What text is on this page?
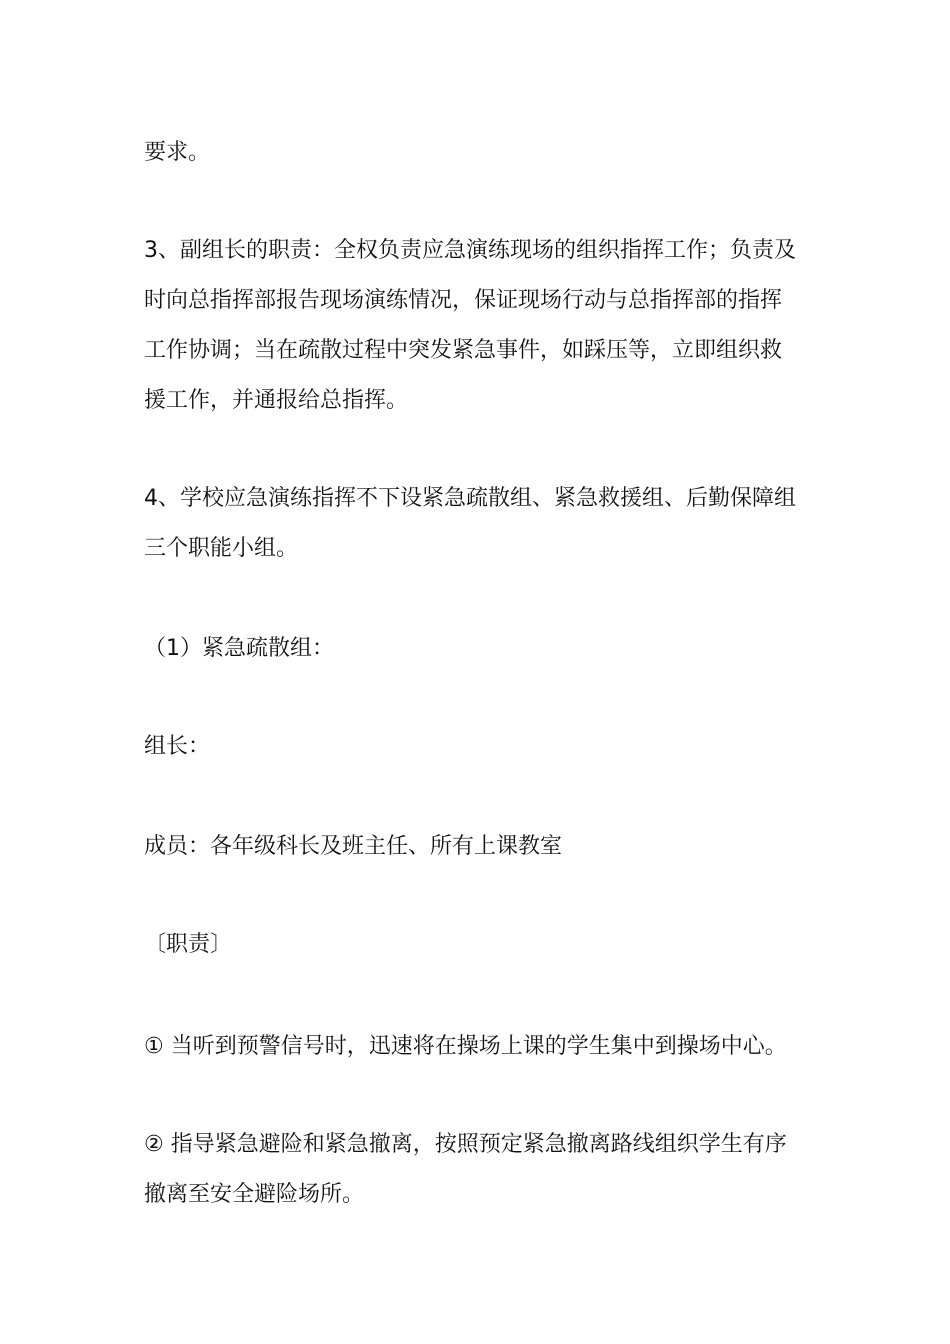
要求。

3、副组长的职责：全权负责应急演练现场的组织指挥工作；负责及
时向总指挥部报告现场演练情况，保证现场行动与总指挥部的指挥
工作协调；当在疏散过程中突发紧急事件，如踩压等，立即组织救
援工作，并通报给总指挥。

4、学校应急演练指挥不下设紧急疏散组、紧急救援组、后勤保障组
三个职能小组。

（1）紧急疏散组：

组长：

成员：各年级科长及班主任、所有上课教室

〔职责〕

① 当听到预警信号时，迅速将在操场上课的学生集中到操场中心。

② 指导紧急避险和紧急撤离，按照预定紧急撤离路线组织学生有序
撤离至安全避险场所。
